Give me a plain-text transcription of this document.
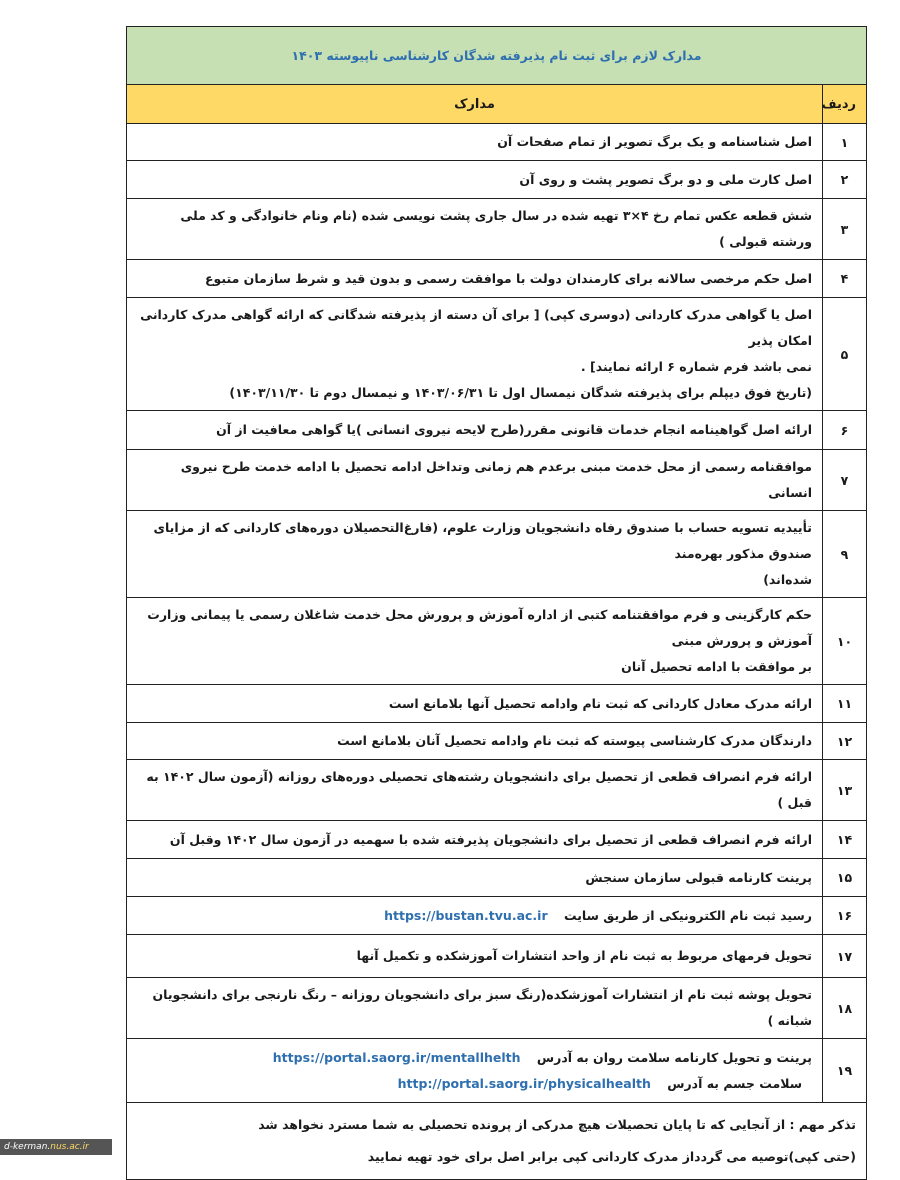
مدارک لازم برای ثبت نام پذیرفته شدگان کارشناسی ناپیوسته ۱۴۰۳	
ردیف	مدارک
۱	اصل شناسنامه و یک برگ تصویر از تمام صفحات آن
۲	اصل کارت ملی و دو برگ تصویر پشت و روی آن
۳	شش قطعه عکس تمام رخ ۴×۳ تهیه شده در سال جاری پشت نویسی شده (نام ونام خانوادگی و کد ملی ورشته قبولی )
۴	اصل حکم مرخصی سالانه برای کارمندان دولت با موافقت رسمی و بدون قید و شرط سازمان متبوع
۵	اصل یا گواهی مدرک کاردانی (دوسری کپی) [ برای آن دسته از پذیرفته شدگانی که ارائه گواهی مدرک کاردانی امکان پذیر
نمی باشد فرم شماره ۶ ارائه نمایند] .
(تاریخ فوق دیپلم برای پذیرفته شدگان نیمسال اول تا ۱۴۰۳/۰۶/۳۱ و نیمسال دوم تا ۱۴۰۳/۱۱/۳۰)

۶	ارائه اصل گواهینامه انجام خدمات قانونی مقرر(طرح لایحه نیروی انسانی )یا گواهی معافیت از آن
۷	موافقنامه رسمی از محل خدمت مبنی برعدم هم زمانی وتداخل ادامه تحصیل با ادامه خدمت طرح نیروی انسانی
۹	تأییدیه تسویه حساب با صندوق رفاه دانشجویان وزارت علوم، (فارغ‌التحصیلان دوره‌های کاردانی که از مزایای صندوق مذکور بهره‌مند
شده‌اند)

۱۰	حکم کارگزینی و فرم موافقتنامه کتبی از اداره آموزش و پرورش محل خدمت شاغلان رسمی یا پیمانی وزارت آموزش و پرورش مبنی
بر موافقت با ادامه تحصیل آنان

۱۱	ارائه مدرک معادل کاردانی که ثبت نام وادامه تحصیل آنها بلامانع است
۱۲	دارندگان مدرک کارشناسی پیوسته که ثبت نام وادامه تحصیل آنان بلامانع است
۱۳	ارائه فرم انصراف قطعی از تحصیل برای دانشجویان رشته‌های تحصیلی دوره‌های روزانه (آزمون سال ۱۴۰۲ به قبل )
۱۴	ارائه فرم انصراف قطعی از تحصیل برای دانشجویان پذیرفته شده با سهمیه در آزمون سال ۱۴۰۲ وقبل آن
۱۵	پرینت کارنامه قبولی سازمان سنجش
۱۶	رسید ثبت نام الکترونیکی از طریق سایت https://bustan.tvu.ac.ir
۱۷	تحویل فرمهای مربوط به ثبت نام از واحد انتشارات آموزشکده و تکمیل آنها
۱۸	تحویل پوشه ثبت نام از انتشارات آموزشکده(رنگ سبز برای دانشجویان روزانه – رنگ نارنجی برای دانشجویان شبانه )
۱۹	پرینت و تحویل کارنامه سلامت روان به آدرس https://portal.saorg.ir/mentallhelth
سلامت جسم به آدرس http://portal.saorg.ir/physicalhealth

تذکر مهم : از آنجایی که تا پایان تحصیلات هیچ مدرکی از پرونده تحصیلی به شما مسترد نخواهد شد
(حتی کپی)توصیه می گردداز مدرک کاردانی کپی برابر اصل برای خود تهیه نمایید	
d-kerman.nus.ac.ir
